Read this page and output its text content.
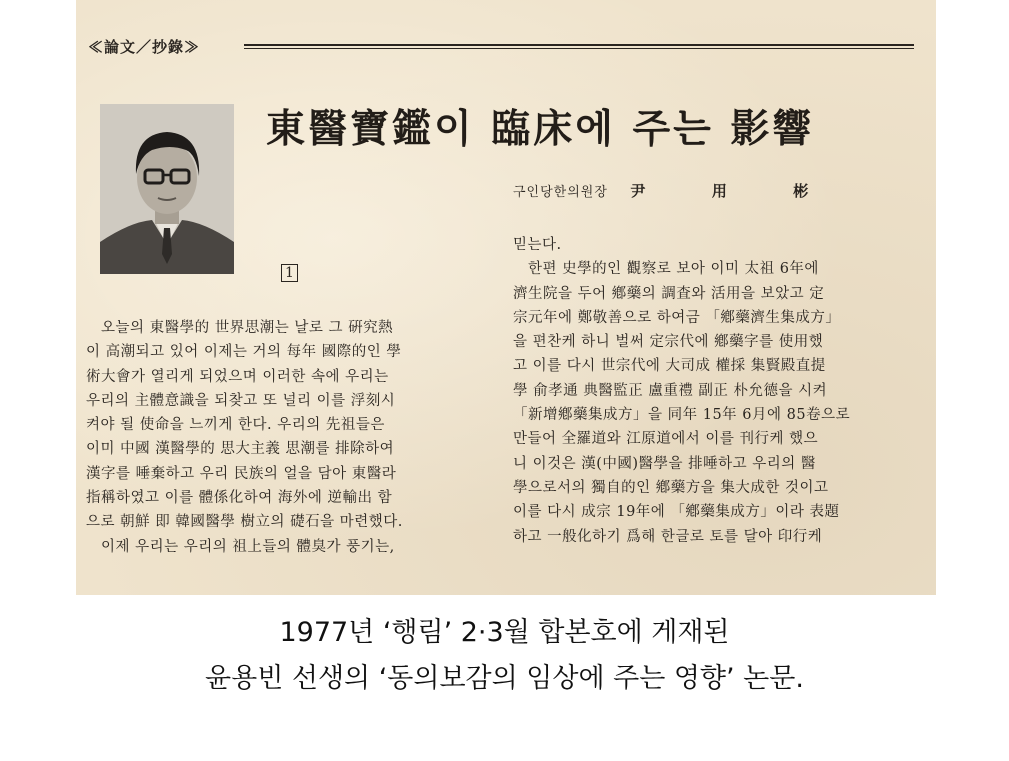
≪論文／抄錄≫
東醫寶鑑이 臨床에 주는 影響
구인당한의원장 尹	用	彬
1
　오늘의 東醫學的 世界思潮는 날로 그 硏究熱
이 高潮되고 있어 이제는 거의 每年 國際的인 學
術大會가 열리게 되었으며 이러한 속에 우리는
우리의 主體意識을 되찾고 또 널리 이를 浮刻시
켜야 될 使命을 느끼게 한다. 우리의 先祖들은
이미 中國 漢醫學的 思大主義 思潮를 排除하여
漢字를 唾棄하고 우리 民族의 얼을 담아 東醫라
指稱하였고 이를 體係化하여 海外에 逆輸出 함
으로 朝鮮 即 韓國醫學 樹立의 礎石을 마련했다.
　이제 우리는 우리의 祖上들의 體臭가 풍기는,
믿는다.
　한편 史學的인 觀察로 보아 이미 太祖 6年에
濟生院을 두어 鄕藥의 調査와 活用을 보았고 定
宗元年에 鄭敬善으로 하여금 「鄕藥濟生集成方」
을 편찬케 하니 벌써 定宗代에 鄕藥字를 使用했
고 이를 다시 世宗代에 大司成 權採 集賢殿直提
學 俞孝通 典醫監正 盧重禮 副正 朴允德을 시켜
「新增鄕藥集成方」을 同年 15年 6月에 85卷으로
만들어 全羅道와 江原道에서 이를 刊行케 했으
니 이것은 漢(中國)醫學을 排唾하고 우리의 醫
學으로서의 獨自的인 鄕藥方을 集大成한 것이고
이를 다시 成宗 19年에 「鄕藥集成方」이라 表題
하고 一般化하기 爲해 한글로 토를 달아 印行케
1977년 ‘행림’ 2·3월 합본호에 게재된
윤용빈 선생의 ‘동의보감의 임상에 주는 영향’ 논문.
